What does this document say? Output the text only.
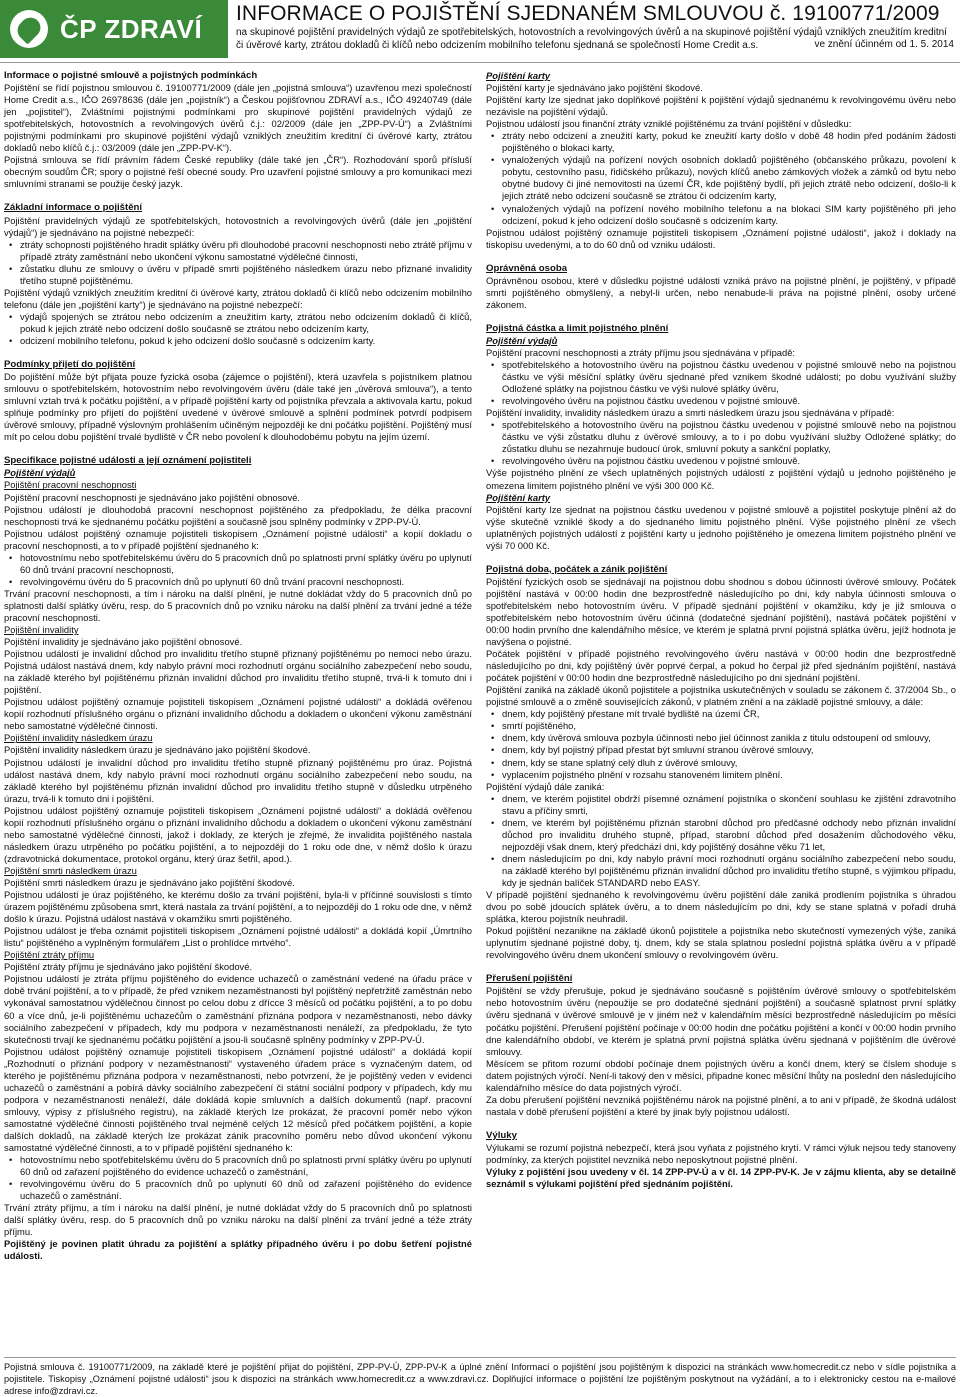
ČP ZDRAVÍ INFORMACE O POJIŠTĚNÍ SJEDNANÉM SMLOUVOU č. 19100771/2009
na skupinové pojištění pravidelných výdajů ze spotřebitelských, hotovostních a revolvingových úvěrů a na skupinové pojištění výdajů vzniklých zneužitím kreditní či úvěrové karty, ztrátou dokladů či klíčů nebo odcizením mobilního telefonu sjednaná se společností Home Credit a.s.	ve znění účinném od 1. 5. 2014
Informace o pojistné smlouvě a pojistných podmínkách

Pojištění se řídí pojistnou smlouvou č. 19100771/2009 (dále jen „pojistná smlouva“) uzavřenou mezi společností Home Credit a.s., IČO 26978636 (dále jen „pojistník“) a Českou pojišťovnou ZDRAVÍ a.s., IČO 49240749 (dále jen „pojistitel“), Zvláštními pojistnými podmínkami pro skupinové pojištění pravidelných výdajů ze spotřebitelských, hotovostních a revolvingových úvěrů č.j.: 02/2009 (dále jen „ZPP-PV-Ú“) a Zvláštními pojistnými podmínkami pro skupinové pojištění výdajů vzniklých zneužitím kreditní či úvěrové karty, ztrátou dokladů nebo klíčů č.j.: 03/2009 (dále jen „ZPP-PV-K“).

Pojistná smlouva se řídí právním řádem České republiky (dále také jen „ČR“). Rozhodování sporů přísluší obecným soudům ČR; spory o pojistné řeší obecné soudy. Pro uzavření pojistné smlouvy a pro komunikaci mezi smluvními stranami se použije český jazyk.

Základní informace o pojištění

Pojištění pravidelných výdajů ze spotřebitelských, hotovostních a revolvingových úvěrů (dále jen „pojištění výdajů“) je sjednáváno na pojistné nebezpečí:

• ztráty schopnosti pojištěného hradit splátky úvěru při dlouhodobé pracovní neschopnosti nebo ztrátě příjmu v případě ztráty zaměstnání nebo ukončení výkonu samostatné výdělečné činnosti,
• zůstatku dluhu ze smlouvy o úvěru v případě smrti pojištěného následkem úrazu nebo přiznané invalidity třetího stupně pojištěnému.

Pojištění výdajů vzniklých zneužitím kreditní či úvěrové karty, ztrátou dokladů či klíčů nebo odcizením mobilního telefonu (dále jen „pojištění karty“) je sjednáváno na pojistné nebezpečí:

• výdajů spojených se ztrátou nebo odcizením a zneužitím karty, ztrátou nebo odcizením dokladů či klíčů, pokud k jejich ztrátě nebo odcizení došlo současně se ztrátou nebo odcizením karty,
• odcizení mobilního telefonu, pokud k jeho odcizení došlo současně s odcizením karty.
Podmínky přijetí do pojištění

Do pojištění může být přijata pouze fyzická osoba (zájemce o pojištění), která uzavřela s pojistníkem platnou smlouvu o spotřebitelském, hotovostním nebo revolvingovém úvěru (dále také jen „úvěrová smlouva“), a tento smluvní vztah trvá k počátku pojištění, a v případě pojištění karty od pojistníka převzala a aktivovala kartu, pokud splňuje podmínky pro přijetí do pojištění uvedené v úvěrové smlouvě a splnění podmínek potvrdí podpisem úvěrové smlouvy, případně výslovným prohlášením učiněným nejpozději ke dni počátku pojištění. Pojištěný musí mít po celou dobu pojištění trvalé bydliště v ČR nebo povolení k dlouhodobému pobytu na jejím území.

Specifikace pojistné události a její oznámení pojistiteli
Pojištění výdajů
Pojištění pracovní neschopnosti

Pojištění pracovní neschopnosti je sjednáváno jako pojištění obnosové.

Pojistnou událostí je dlouhodobá pracovní neschopnost pojištěného za předpokladu, že délka pracovní neschopnosti trvá ke sjednanému počátku pojištění a současně jsou splněny podmínky v ZPP-PV-Ú.

Pojistnou událost pojištěný oznamuje pojistiteli tiskopisem „Oznámení pojistné události“ a kopií dokladu o pracovní neschopnosti, a to v případě pojištění sjednaného k:

• hotovostnímu nebo spotřebitelskému úvěru do 5 pracovních dnů po splatnosti první splátky úvěru po uplynutí 60 dnů trvání pracovní neschopnosti,
• revolvingovému úvěru do 5 pracovních dnů po uplynutí 60 dnů trvání pracovní neschopnosti.

Trvání pracovní neschopnosti, a tím i nároku na další plnění, je nutné dokládat vždy do 5 pracovních dnů po splatnosti další splátky úvěru, resp. do 5 pracovních dnů po vzniku nároku na další plnění za trvání jedné a téže pracovní neschopnosti.

Pojištění invalidity

Pojištění invalidity je sjednáváno jako pojištění obnosové.

Pojistnou událostí je invalidní důchod pro invaliditu třetího stupně přiznaný pojištěnému po nemoci nebo úrazu. Pojistná událost nastává dnem, kdy nabylo právní moci rozhodnutí orgánu sociálního zabezpečení nebo soudu, na základě kterého byl pojištěnému přiznán invalidní důchod pro invaliditu třetího stupně, trvá-li k tomuto dni i pojištění.

Pojistnou událost pojištěný oznamuje pojistiteli tiskopisem „Oznámení pojistné události“ a dokládá ověřenou kopií rozhodnutí příslušného orgánu o přiznání invalidního důchodu a dokladem o ukončení výkonu zaměstnání nebo samostatné výdělečné činnosti.

Pojištění invalidity následkem úrazu

Pojištění invalidity následkem úrazu je sjednáváno jako pojištění škodové.

Pojistnou událostí je invalidní důchod pro invaliditu třetího stupně přiznaný pojištěnému pro úraz. Pojistná událost nastává dnem, kdy nabylo právní moci rozhodnutí orgánu sociálního zabezpečení nebo soudu, na základě kterého byl pojištěnému přiznán invalidní důchod pro invaliditu třetího stupně v důsledku utrpěného úrazu, trvá-li k tomuto dni i pojištění.

Pojistnou událost pojištěný oznamuje pojistiteli tiskopisem „Oznámení pojistné události“ a dokládá ověřenou kopií rozhodnutí příslušného orgánu o přiznání invalidního důchodu a dokladem o ukončení výkonu zaměstnání nebo samostatné výdělečné činnosti, jakož i doklady, ze kterých je zřejmé, že invalidita pojištěného nastala následkem úrazu utrpěného po počátku pojištění, a to nejpozději do 1 roku ode dne, v němž došlo k úrazu (zdravotnická dokumentace, protokol orgánu, který úraz šetřil, apod.).

Pojištění smrti následkem úrazu

Pojištění smrti následkem úrazu je sjednáváno jako pojištění škodové.

Pojistnou událostí je úraz pojištěného, ke kterému došlo za trvání pojištění, byla-li v příčinné souvislosti s tímto úrazem pojištěnému způsobena smrt, která nastala za trvání pojištění, a to nejpozději do 1 roku ode dne, v němž došlo k úrazu. Pojistná událost nastává v okamžiku smrti pojištěného.

Pojistnou událost je třeba oznámit pojistiteli tiskopisem „Oznámení pojistné události“ a dokládá kopií „Úmrtního listu“ pojištěného a vyplněným formulářem „List o prohlídce mrtvého“.

Pojištění ztráty příjmu

Pojištění ztráty příjmu je sjednáváno jako pojištění škodové.

Pojistnou událostí je ztráta příjmu pojištěného do evidence uchazečů o zaměstnání vedené na úřadu práce v době trvání pojištění, a to v případě, že před vznikem nezaměstnanosti byl pojištěný nepřetržitě zaměstnán nebo vykonával samostatnou výdělečnou činnost po celou dobu z dřícce 3 měsíců od počátku pojištění, a to po dobu 60 a více dnů, je-li pojištěnému uchazečům o zaměstnání přiznána podpora v nezaměstnanosti, nebo dávky sociálního zabezpečení v případech, kdy mu podpora v nezaměstnanosti nenáleží, za předpokladu, že tyto skutečnosti trvají ke sjednanému počátku pojištění a jsou-li současně splněny podmínky v ZPP-PV-Ú.

Pojistnou událost pojištěný oznamuje pojistiteli tiskopisem „Oznámení pojistné události“ a dokládá kopií „Rozhodnutí o přiznání podpory v nezaměstnanosti“ vystaveného úřadem práce s vyznačeným datem, od kterého je pojištěnému přiznána podpora v nezaměstnanosti, nebo potvrzení, že je pojištěný veden v evidenci uchazečů o zaměstnání a pobírá dávky sociálního zabezpečení či státní sociální podpory v případech, kdy mu podpora v nezaměstnanosti nenáleží, dále dokládá kopie smluvních a dalších dokumentů (např. pracovní smlouvy, výpisy z příslušného registru), na základě kterých lze prokázat, že pracovní poměr nebo výkon samostatné výdělečné činnosti pojištěného trval nejméně celých 12 měsíců před počátkem pojištění, a kopie dalších dokladů, na základě kterých lze prokázat zánik pracovního poměru nebo důvod ukončení výkonu samostatné výdělečné činnosti, a to v případě pojištění sjednaného k:

• hotovostnímu nebo spotřebitelskému úvěru do 5 pracovních dnů po splatnosti první splátky úvěru po uplynutí 60 dnů od zařazení pojištěného do evidence uchazečů o zaměstnání,
• revolvingovému úvěru do 5 pracovních dnů po uplynutí 60 dnů od zařazení pojištěného do evidence uchazečů o zaměstnání.

Trvání ztráty příjmu, a tím i nároku na další plnění, je nutné dokládat vždy do 5 pracovních dnů po splatnosti další splátky úvěru, resp. do 5 pracovních dnů po vzniku nároku na další plnění za trvání jedné a téže ztráty příjmu.

Pojištěný je povinen platit úhradu za pojištění a splátky případného úvěru i po dobu šetření pojistné události.

Pojištění karty

Pojištění karty je sjednáváno jako pojištění škodové.

Pojištění karty lze sjednat jako doplňkové pojištění k pojištění výdajů sjednanému k revolvingovému úvěru nebo nezávisle na pojištění výdajů.

Pojistnou událostí jsou finanční ztráty vzniklé pojištěnému za trvání pojištění v důsledku:

• ztráty nebo odcizení a zneužití karty, pokud ke zneužití karty došlo v době 48 hodin před podáním žádosti pojištěného o blokaci karty,
• vynaložených výdajů na pořízení nových osobních dokladů pojištěného (občanského průkazu, povolení k pobytu, cestovního pasu, řidičského průkazu), nových klíčů anebo zámkových vložek a zámků od bytu nebo obytné budovy či jiné nemovitosti na území ČR, kde pojištěný bydlí, při jejich ztrátě nebo odcizení, došlo-li k jejich ztrátě nebo odcizení současně se ztrátou či odcizením karty,
• vynaložených výdajů na pořízení nového mobilního telefonu a na blokaci SIM karty pojištěného při jeho odcizení, pokud k jeho odcizení došlo současně s odcizením karty.

Pojistnou událost pojištěný oznamuje pojistiteli tiskopisem „Oznámení pojistné události“, jakož i doklady na tiskopisu uvedenými, a to do 60 dnů od vzniku události.

Oprávněná osoba

Oprávněnou osobou, které v důsledku pojistné události vzniká právo na pojistné plnění, je pojištěný, v případě smrti pojištěného obmyšlený, a nebyl-li určen, nebo nenabude-li práva na pojistné plnění, osoby určené zákonem.

Pojistná částka a limit pojistného plnění
Pojištění výdajů

Pojištění pracovní neschopnosti a ztráty příjmu jsou sjednávána v případě:

• spotřebitelského a hotovostního úvěru na pojistnou částku uvedenou v pojistné smlouvě nebo na pojistnou částku ve výši měsíční splátky úvěru sjednané před vznikem škodné události; po dobu využívání služby Odložené splátky na pojistnou částku ve výši nulové splátky úvěru,
• revolvingového úvěru na pojistnou částku uvedenou v pojistné smlouvě.

Pojištění invalidity, invalidity následkem úrazu a smrti následkem úrazu jsou sjednávána v případě:

• spotřebitelského a hotovostního úvěru na pojistnou částku uvedenou v pojistné smlouvě nebo na pojistnou částku ve výši zůstatku dluhu z úvěrové smlouvy, a to i po dobu využívání služby Odložené splátky; do zůstatku dluhu se nezahrnuje budoucí úrok, smluvní pokuty a sankční poplatky,
• revolvingového úvěru na pojistnou částku uvedenou v pojistné smlouvě.

Výše pojistného plnění ze všech uplatněných pojistných událostí z pojištění výdajů u jednoho pojištěného je omezena limitem pojistného plnění ve výši 300 000 Kč.

Pojištění karty

Pojištění karty lze sjednat na pojistnou částku uvedenou v pojistné smlouvě a pojistitel poskytuje plnění až do výše skutečně vzniklé škody a do sjednaného limitu pojistného plnění. Výše pojistného plnění ze všech uplatněných pojistných událostí z pojištění karty u jednoho pojištěného je omezena limitem pojistného plnění ve výši 70 000 Kč.

Pojistná doba, počátek a zánik pojištění

Pojištění fyzických osob se sjednávají na pojistnou dobu shodnou s dobou účinnosti úvěrové smlouvy. Počátek pojištění nastává v 00:00 hodin dne bezprostředně následujícího po dni, kdy nabyla účinnosti smlouva o spotřebitelském nebo hotovostním úvěru. V případě sjednání pojištění v okamžiku, kdy je již smlouva o spotřebitelském nebo hotovostním úvěru účinná (dodatečné sjednání pojištění), nastává počátek pojištění v 00:00 hodin prvního dne kalendářního měsíce, ve kterém je splatná první pojistná splátka úvěru, jejíž hodnota je navýšena o pojistné.

Počátek pojištění v případě pojistného revolvingového úvěru nastává v 00:00 hodin dne bezprostředně následujícího po dni, kdy pojištěný úvěr poprvé čerpal, a pokud ho čerpal již před sjednáním pojištění, nastává počátek pojištění v 00:00 hodin dne bezprostředně následujícího po dni sjednání pojištění.

Pojištění zaniká na základě úkonů pojistitele a pojistníka uskutečněných v souladu se zákonem č. 37/2004 Sb., o pojistné smlouvě a o změně souvisejících zákonů, v platném znění a na základě pojistné smlouvy, a dále:

• dnem, kdy pojištěný přestane mít trvalé bydliště na území ČR,
• smrtí pojištěného,
• dnem, kdy úvěrová smlouva pozbyla účinnosti nebo jiel účinnost zanikla z titulu odstoupení od smlouvy,
• dnem, kdy byl pojistný případ přestat být smluvní stranou úvěrové smlouvy,
• dnem, kdy se stane splatný celý dluh z úvěrové smlouvy,
• vyplacením pojistného plnění v rozsahu stanoveném limitem plnění.

Pojištění výdajů dále zaniká:

• dnem, ve kterém pojistitel obdrží písemné oznámení pojistníka o skončení souhlasu ke zjištění zdravotního stavu a příčiny smrti,
• dnem, ve kterém byl pojištěnému přiznán starobní důchod pro předčasné odchody nebo přiznán invalidní důchod pro invaliditu druhého stupně, případ, starobní důchod před dosažením důchodového věku, nejpozději však dnem, který předchází dni, kdy pojištěný dosáhne věku 71 let,
• dnem následujícím po dni, kdy nabylo právní moci rozhodnutí orgánu sociálního zabezpečení nebo soudu, na základě kterého byl pojištěnému přiznán invalidní důchod pro invaliditu třetího stupně, s výjimkou případu, kdy je sjednán balíček STANDARD nebo EASY.

V případě pojištění sjednaného k revolvingovému úvěru pojištění dále zaniká prodlením pojistníka s úhradou dvou po sobě jdoucích splátek úvěru, a to dnem následujícím po dni, kdy se stane splatná v pořadí druhá splátka, kterou pojistník neuhradil.

Pokud pojištění nezanikne na základě úkonů pojistitele a pojistníka nebo skutečností vymezených výše, zaniká uplynutím sjednané pojistné doby, tj. dnem, kdy se stala splatnou poslední pojistná splátka úvěru a v případě revolvingového úvěru dnem ukončení smlouvy o revolvingovém úvěru.

Přerušení pojištění

Pojištění se vždy přerušuje, pokud je sjednáváno současně s pojištěním úvěrové smlouvy o spotřebitelském nebo hotovostním úvěru (nepoužije se pro dodatečné sjednání pojištění) a současně splatnost první splátky úvěru sjednaná v úvěrové smlouvě je v jiném než v kalendářním měsíci bezprostředně následujícím po měsíci počátku pojištění. Přerušení pojištění počínaje v 00:00 hodin dne počátku pojištění a končí v 00:00 hodin prvního dne kalendářního období, ve kterém je splatná první pojistná splátka úvěru sjednaná v pojištěním dle úvěrové smlouvy.

Měsícem se přitom rozumí období počínaje dnem pojistných úvěru a končí dnem, který se číslem shoduje s datem pojistných výročí. Není-li takový den v měsíci, připadne konec měsíční lhůty na poslední den následujícího kalendářního měsíce do data pojistných výročí.

Za dobu přerušení pojištění nevzniká pojištěnému nárok na pojistné plnění, a to ani v případě, že škodná událost nastala v době přerušení pojištění a které by jinak byly pojistnou událostí.

Výluky

Výlukami se rozumí pojistná nebezpečí, která jsou vyňata z pojistného krytí. V rámci výluk nejsou tedy stanoveny podmínky, za kterých pojistitel nevzniká nebo neposkytnout pojistné plnění.

Výluky z pojištění jsou uvedeny v čl. 14 ZPP-PV-Ú a v čl. 14 ZPP-PV-K. Je v zájmu klienta, aby se detailně seznámil s výlukami pojištění před sjednáním pojištění.

Pojistná smlouva č. 19100771/2009, na základě které je pojištění přijat do pojištění, ZPP-PV-Ú, ZPP-PV-K a úplné znění Informací o pojištění jsou pojištěným k dispozici na stránkách www.homecredit.cz nebo v sídle pojistníka a pojistitele. Tiskopisy „Oznámení pojistné události“ jsou k dispozici na stránkách www.homecredit.cz a www.zdravi.cz. Doplňující informace o pojištění lze pojištěným poskytnout na vyžádání, a to i elektronicky cestou na e-mailové adrese info@zdravi.cz.
